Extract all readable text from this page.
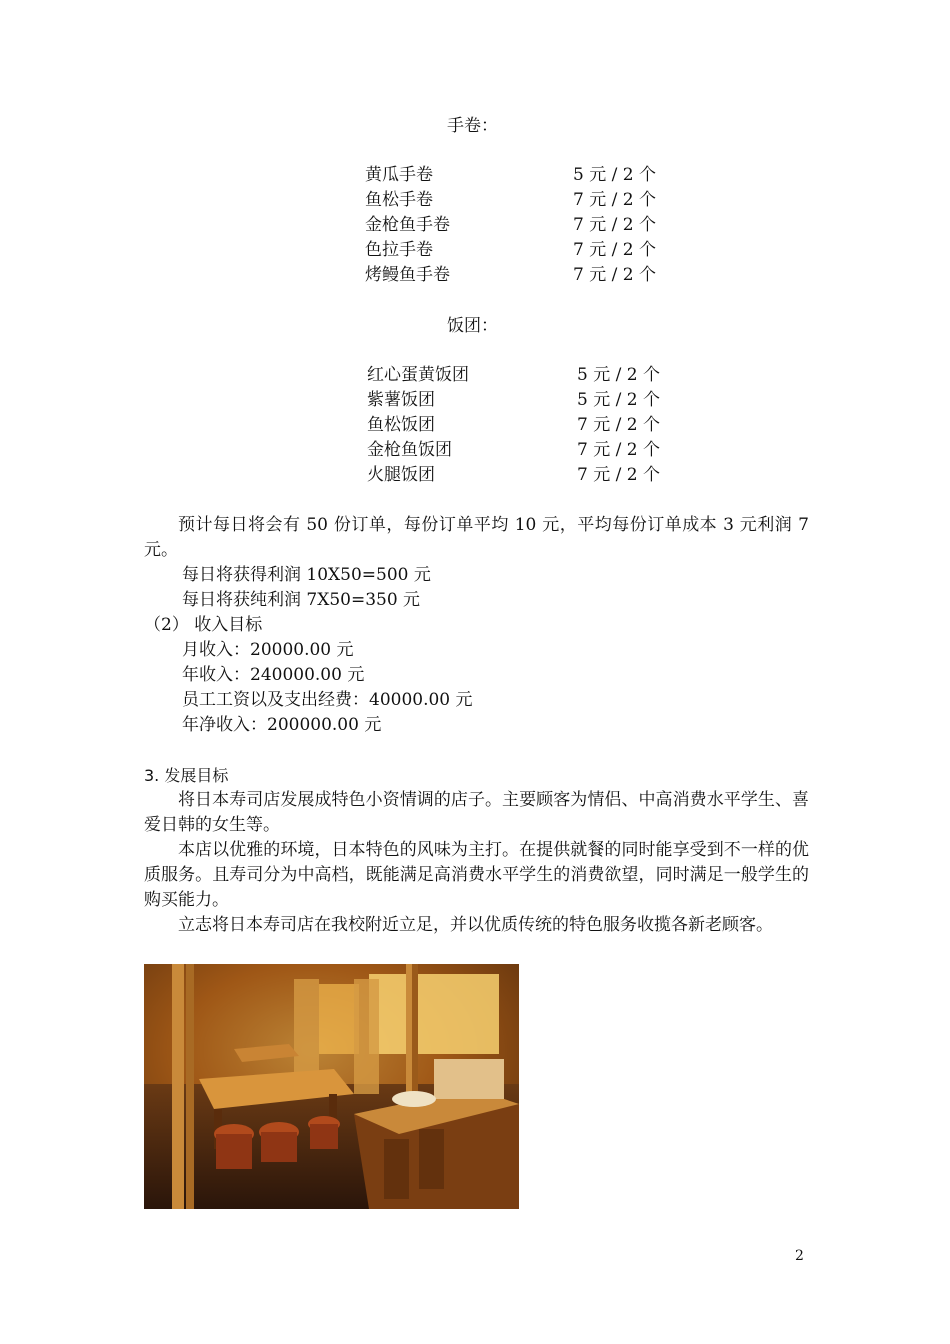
手卷：
黄瓜手卷	5 元 / 2 个
鱼松手卷	7 元 / 2 个
金枪鱼手卷	7 元 / 2 个
色拉手卷	7 元 / 2 个
烤鳗鱼手卷	7 元 / 2 个
饭团：
红心蛋黄饭团	5 元 / 2 个
紫薯饭团	5 元 / 2 个
鱼松饭团	7 元 / 2 个
金枪鱼饭团	7 元 / 2 个
火腿饭团	7 元 / 2 个

预计每日将会有 50 份订单，每份订单平均 10 元，平均每份订单成本 3 元利润 7 元。

每日将获得利润 10X50=500 元
每日将获纯利润 7X50=350 元
（2） 收入目标
月收入：20000.00 元
年收入：240000.00 元
员工工资以及支出经费：40000.00 元
年净收入：200000.00 元
3. 发展目标

将日本寿司店发展成特色小资情调的店子。主要顾客为情侣、中高消费水平学生、喜爱日韩的女生等。

本店以优雅的环境，日本特色的风味为主打。在提供就餐的同时能享受到不一样的优质服务。且寿司分为中高档，既能满足高消费水平学生的消费欲望，同时满足一般学生的购买能力。

立志将日本寿司店在我校附近立足，并以优质传统的特色服务收揽各新老顾客。

2
